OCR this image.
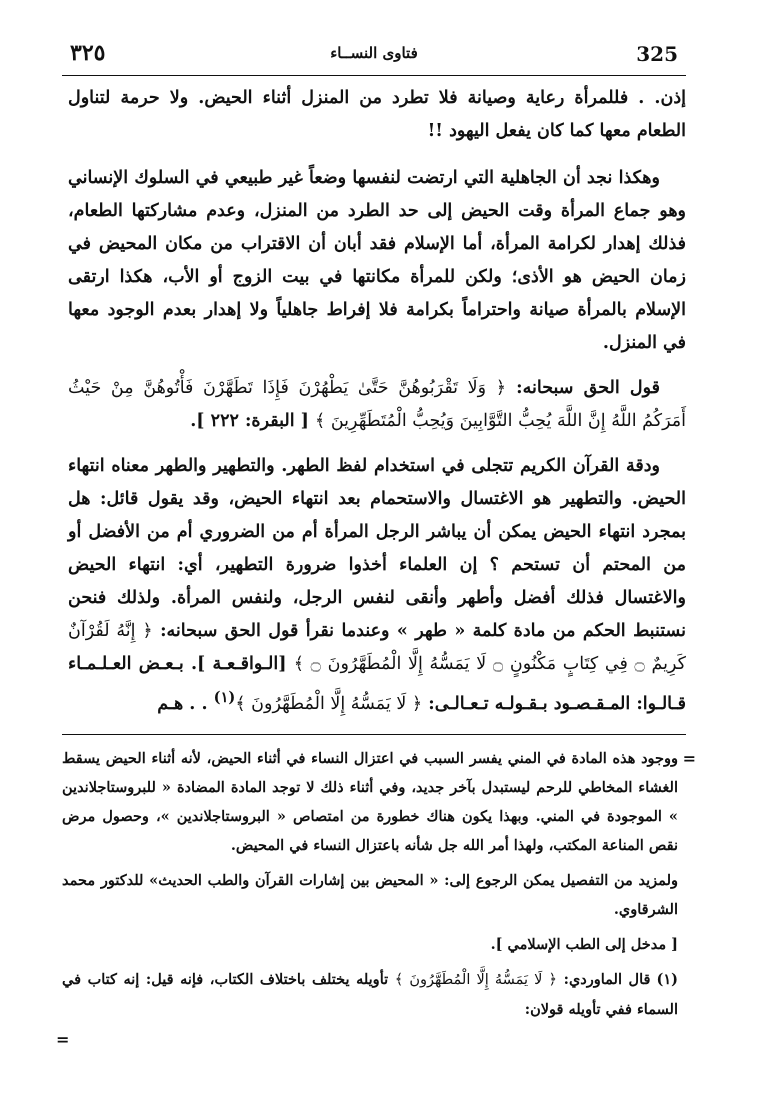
325
فتاوى النســاء
٣٢٥

إذن. . فللمرأة رعاية وصيانة فلا تطرد من المنزل أثناء الحيض. ولا حرمة لتناول الطعام معها كما كان يفعل اليهود !!

وهكذا نجد أن الجاهلية التي ارتضت لنفسها وضعاً غير طبيعي في السلوك الإنساني وهو جماع المرأة وقت الحيض إلى حد الطرد من المنزل، وعدم مشاركتها الطعام، فذلك إهدار لكرامة المرأة، أما الإسلام فقد أبان أن الاقتراب من مكان المحيض في زمان الحيض هو الأذى؛ ولكن للمرأة مكانتها في بيت الزوج أو الأب، هكذا ارتقى الإسلام بالمرأة صيانة واحتراماً بكرامة فلا إفراط جاهلياً ولا إهدار بعدم الوجود معها في المنزل.

قول الحق سبحانه: ﴿ وَلَا تَقْرَبُوهُنَّ حَتَّىٰ يَطْهُرْنَ فَإِذَا تَطَهَّرْنَ فَأْتُوهُنَّ مِنْ حَيْثُ أَمَرَكُمُ اللَّهُ إِنَّ اللَّهَ يُحِبُّ التَّوَّابِينَ وَيُحِبُّ الْمُتَطَهِّرِينَ ﴾ [ البقرة: ٢٢٢ ].

ودقة القرآن الكريم تتجلى في استخدام لفظ الطهر. والتطهير والطهر معناه انتهاء الحيض. والتطهير هو الاغتسال والاستحمام بعد انتهاء الحيض، وقد يقول قائل: هل بمجرد انتهاء الحيض يمكن أن يباشر الرجل المرأة أم من الضروري أم من الأفضل أو من المحتم أن تستحم ؟ إن العلماء أخذوا ضرورة التطهير، أي: انتهاء الحيض والاغتسال فذلك أفضل وأطهر وأنقى لنفس الرجل، ولنفس المرأة. ولذلك فنحن نستنبط الحكم من مادة كلمة « طهر » وعندما نقرأ قول الحق سبحانه: ﴿ إِنَّهُ لَقُرْآنٌ كَرِيمٌ ۝ فِي كِتَابٍ مَكْنُونٍ ۝ لَا يَمَسُّهُ إِلَّا الْمُطَهَّرُونَ ۝ ﴾ [الـواقـعـة ]. بـعـض العـلـمـاء قـالـوا: المـقـصـود بـقـولـه تـعـالـى: ﴿ لَا يَمَسُّهُ إِلَّا الْمُطَهَّرُونَ ﴾$^{(١)}$ . . هـم

=

ووجود هذه المادة في المني يفسر السبب في اعتزال النساء في أثناء الحيض، لأنه أثناء الحيض يسقط الغشاء المخاطي للرحم ليستبدل بآخر جديد، وفي أثناء ذلك لا توجد المادة المضادة « للبروستاجلاندين » الموجودة في المني. وبهذا يكون هناك خطورة من امتصاص « البروستاجلاندين »، وحصول مرض نقص المناعة المكتب، ولهذا أمر الله جل شأنه باعتزال النساء في المحيض.

ولمزيد من التفصيل يمكن الرجوع إلى: « المحيض بين إشارات القرآن والطب الحديث» للدكتور محمد الشرقاوي.

[ مدخل إلى الطب الإسلامي ].

(١)قال الماوردي: ﴿ لَا يَمَسُّهُ إِلَّا الْمُطَهَّرُونَ ﴾ تأويله يختلف باختلاف الكتاب، فإنه قيل: إنه كتاب في السماء ففي تأويله قولان:

=
